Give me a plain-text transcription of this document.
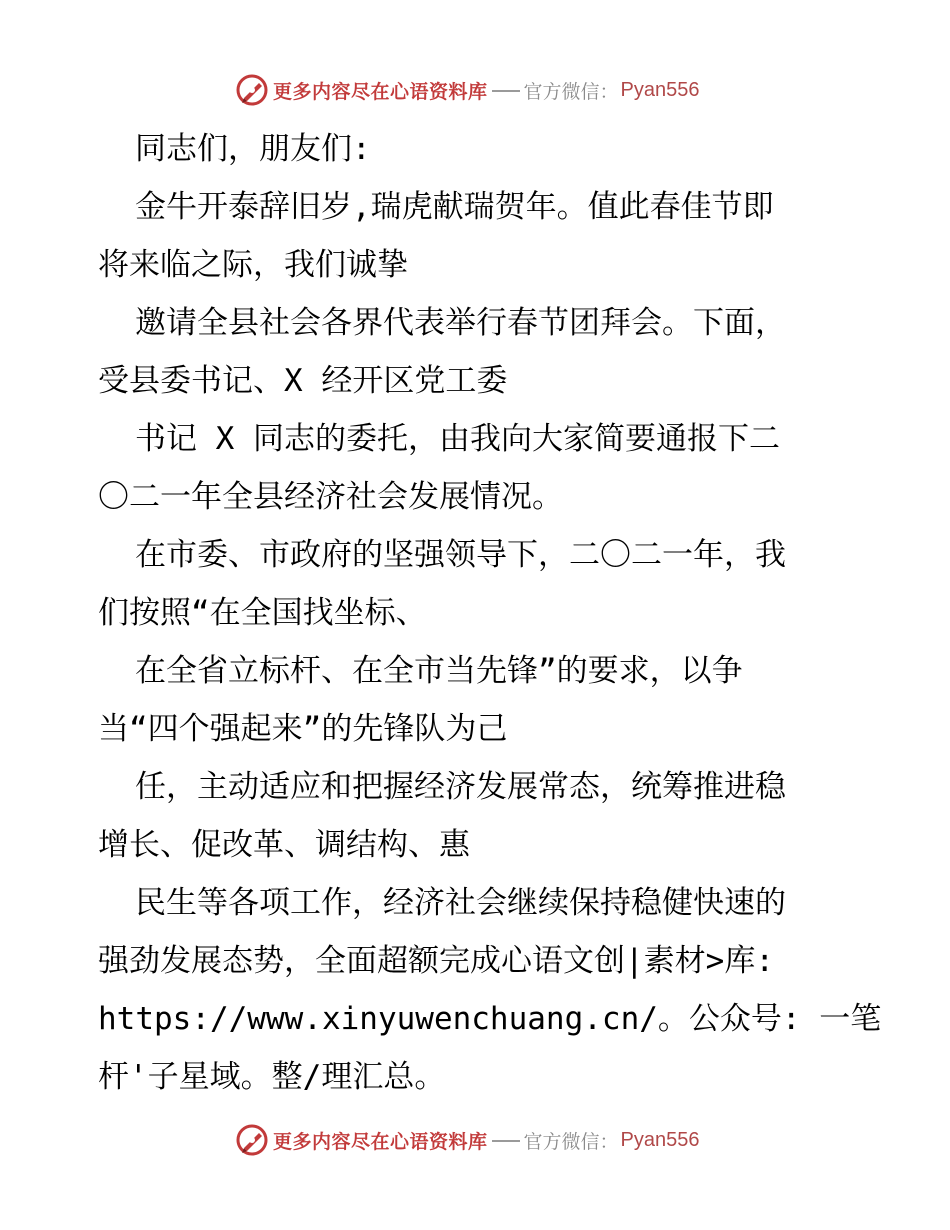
更多内容尽在心语资料库 官方微信： Pyan556
同志们，朋友们:
金牛开泰辞旧岁,瑞虎献瑞贺年。值此春佳节即
将来临之际，我们诚挚
邀请全县社会各界代表举行春节团拜会。下面，
受县委书记、X 经开区党工委
书记 X 同志的委托，由我向大家简要通报下二
〇二一年全县经济社会发展情况。
在市委、市政府的坚强领导下，二〇二一年，我
们按照“在全国找坐标、
在全省立标杆、在全市当先锋”的要求，以争
当“四个强起来”的先锋队为己
任，主动适应和把握经济发展常态，统筹推进稳
增长、促改革、调结构、惠
民生等各项工作，经济社会继续保持稳健快速的
强劲发展态势，全面超额完成心语文创|素材>库:
https://www.xinyuwenchuang.cn/。公众号: 一笔
杆'子星域。整/理汇总。
更多内容尽在心语资料库 官方微信： Pyan556
